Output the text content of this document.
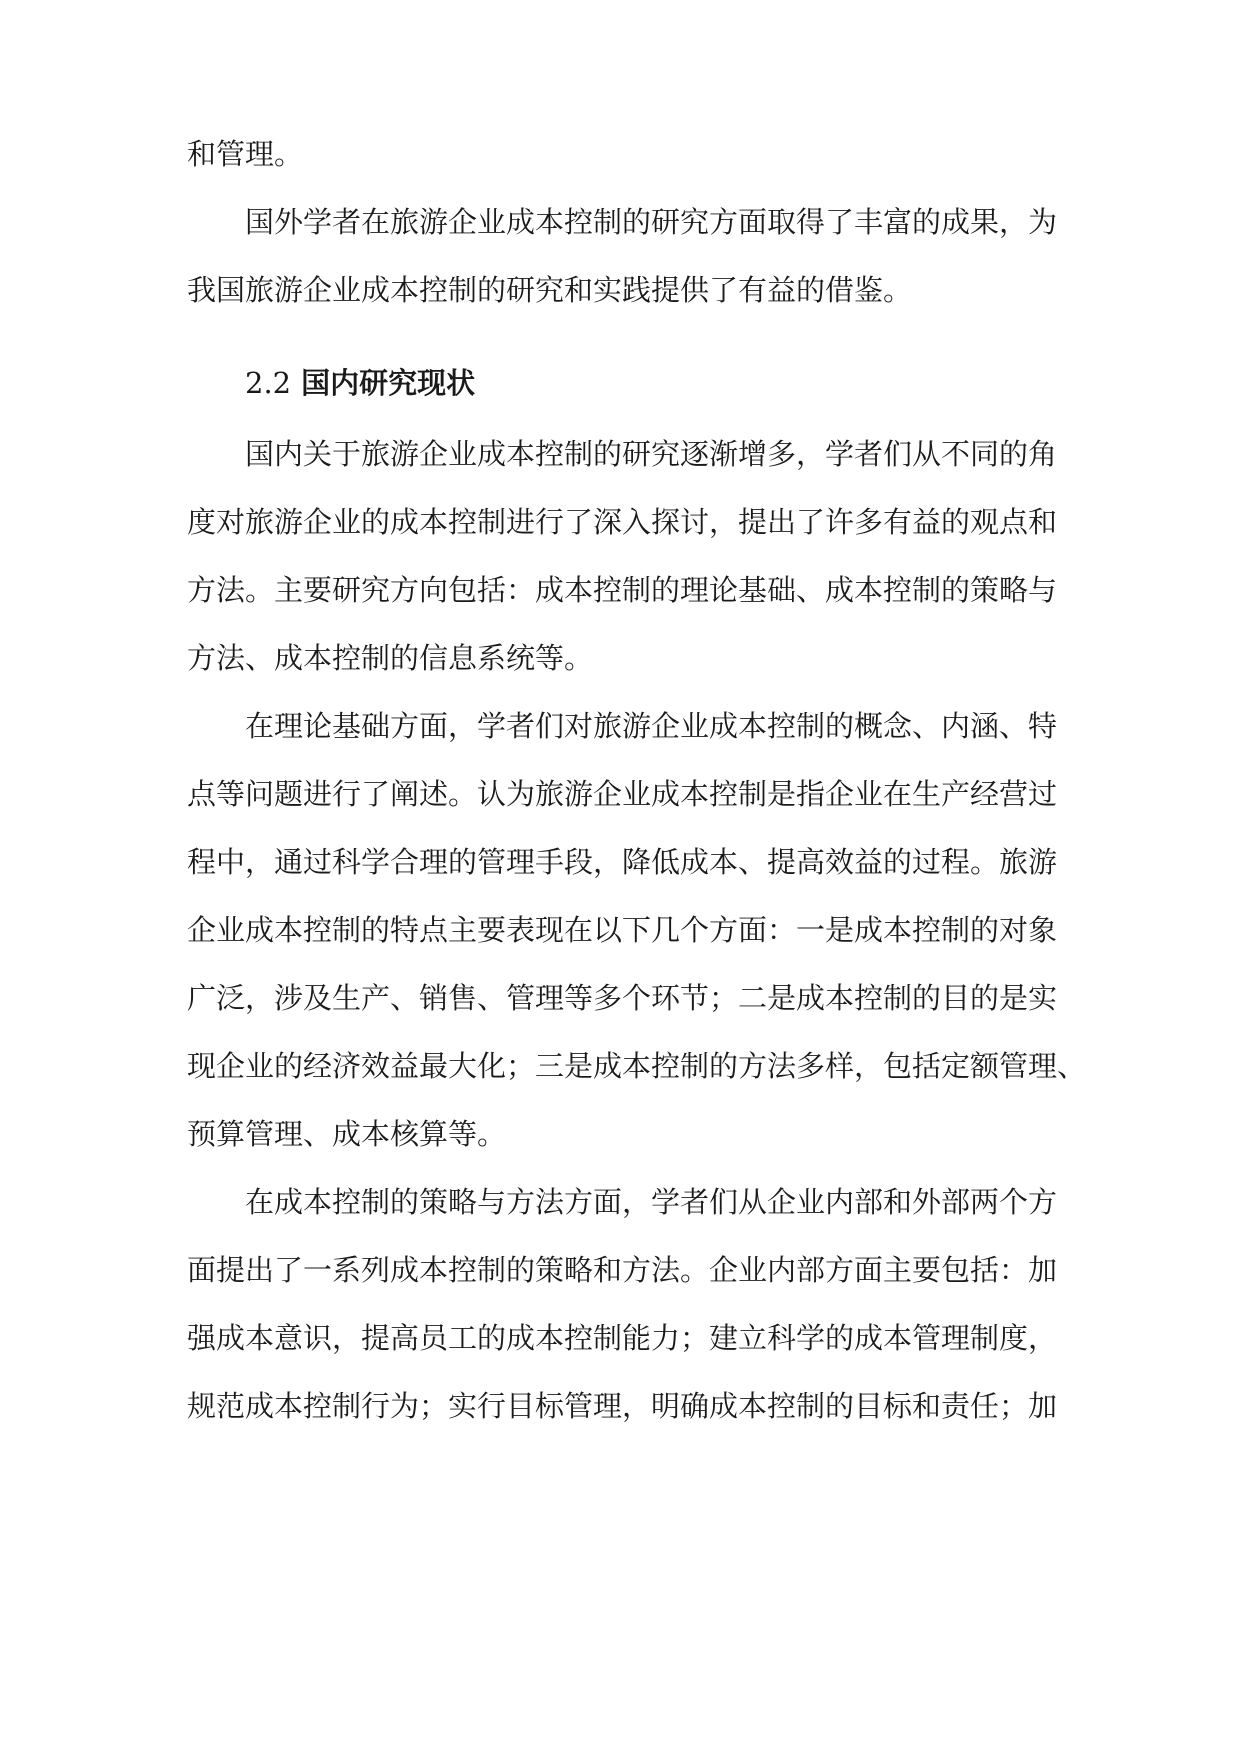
和管理。
国外学者在旅游企业成本控制的研究方面取得了丰富的成果，为
我国旅游企业成本控制的研究和实践提供了有益的借鉴。
2.2 国内研究现状
国内关于旅游企业成本控制的研究逐渐增多，学者们从不同的角
度对旅游企业的成本控制进行了深入探讨，提出了许多有益的观点和
方法。主要研究方向包括：成本控制的理论基础、成本控制的策略与
方法、成本控制的信息系统等。
在理论基础方面，学者们对旅游企业成本控制的概念、内涵、特
点等问题进行了阐述。认为旅游企业成本控制是指企业在生产经营过
程中，通过科学合理的管理手段，降低成本、提高效益的过程。旅游
企业成本控制的特点主要表现在以下几个方面：一是成本控制的对象
广泛，涉及生产、销售、管理等多个环节；二是成本控制的目的是实
现企业的经济效益最大化；三是成本控制的方法多样，包括定额管理、
预算管理、成本核算等。
在成本控制的策略与方法方面，学者们从企业内部和外部两个方
面提出了一系列成本控制的策略和方法。企业内部方面主要包括：加
强成本意识，提高员工的成本控制能力；建立科学的成本管理制度，
规范成本控制行为；实行目标管理，明确成本控制的目标和责任；加
